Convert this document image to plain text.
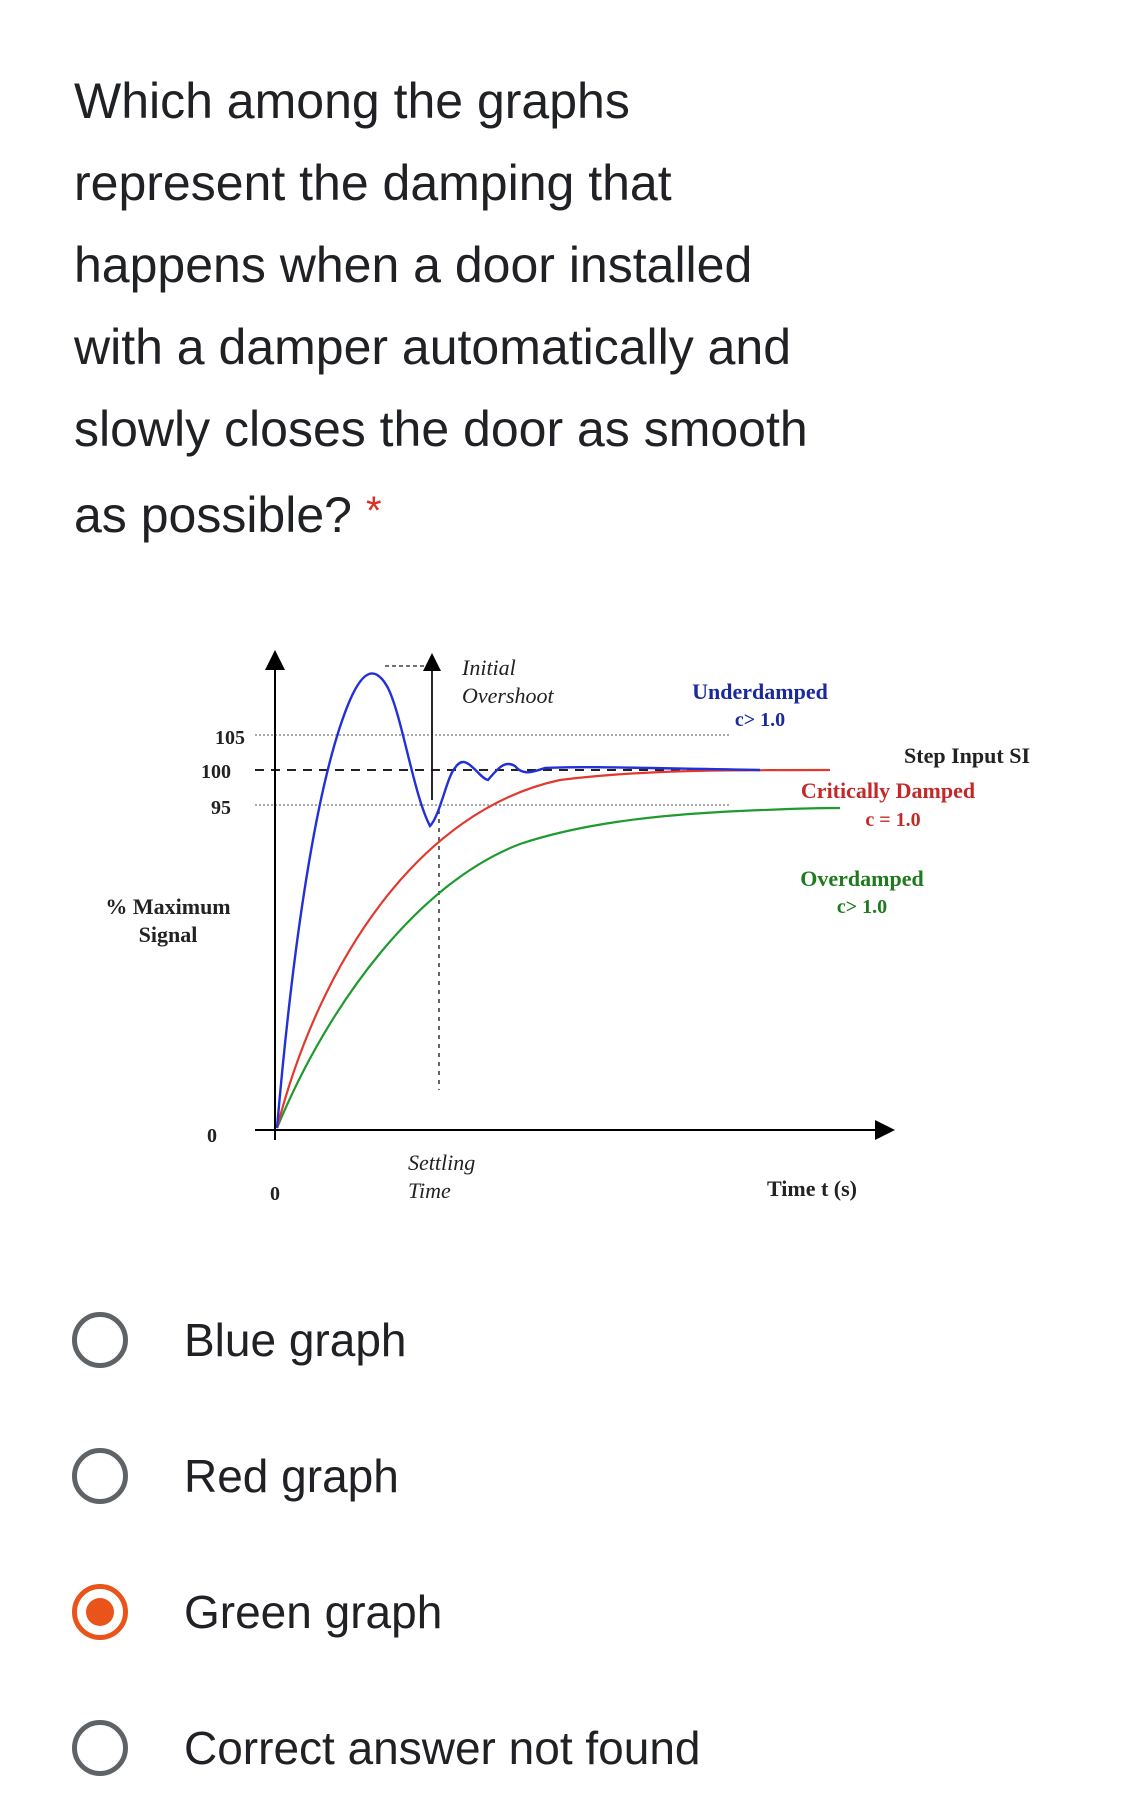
Which among the graphs
represent the damping that
happens when a door installed
with a damper automatically and
slowly closes the door as smooth
as possible? *
105
100
95
0
% Maximum
Signal
0	Time t (s)
Initial
Overshoot
Settling
Time
Underdamped
c> 1.0
Step Input SI
Critically Damped
c = 1.0
Overdamped
c> 1.0
Blue graph
Red graph
Green graph
Correct answer not found
